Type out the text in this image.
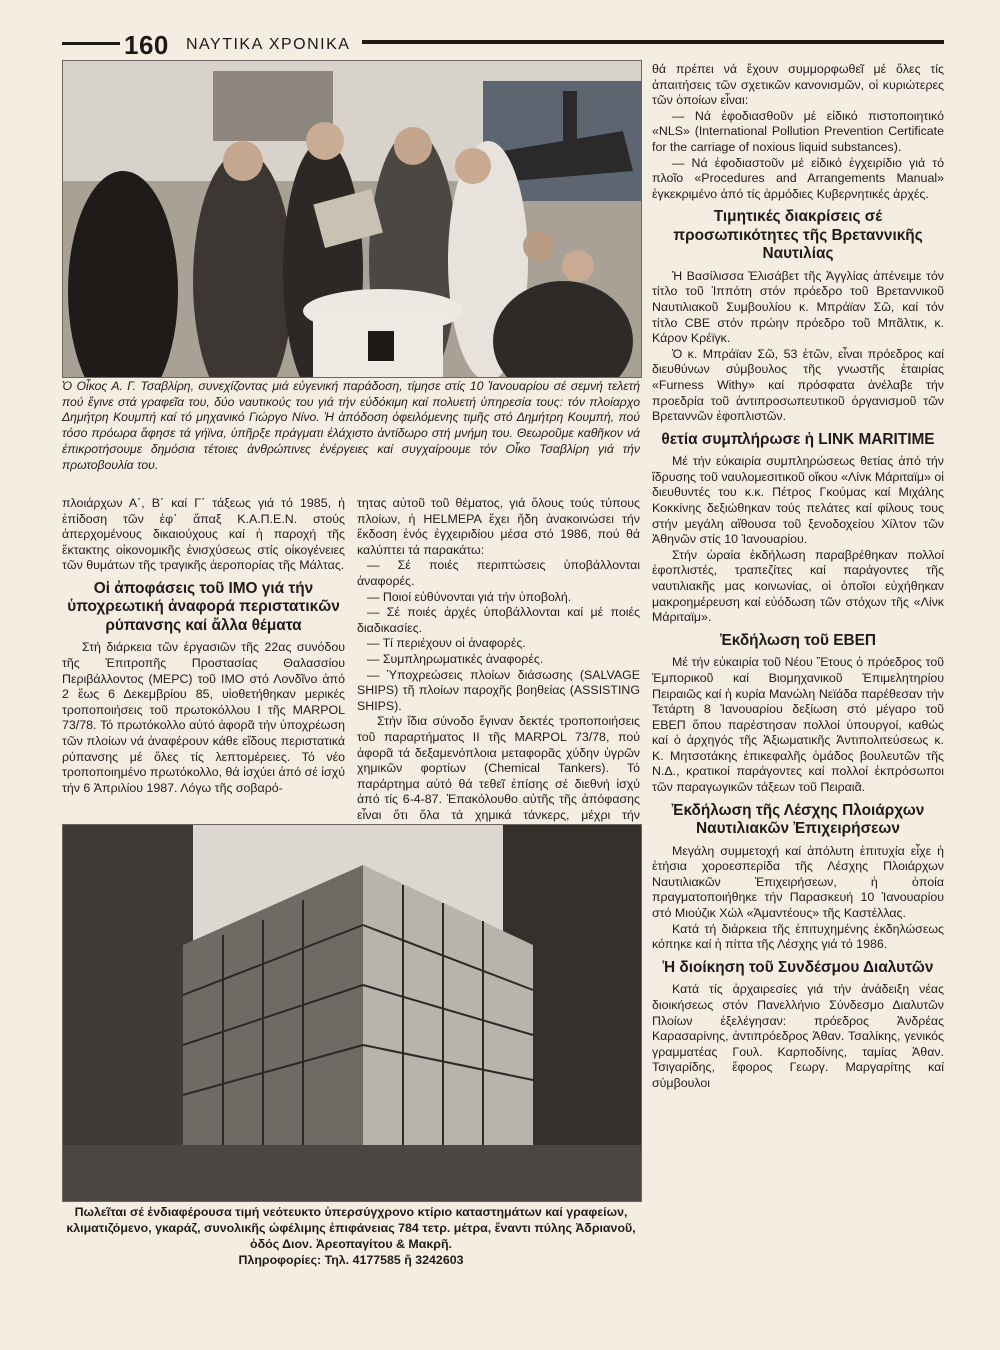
160 ΝΑΥΤΙΚΑ ΧΡΟΝΙΚΑ
Ὁ Οἶκος Α. Γ. Τσαβλίρη, συνεχίζοντας μιά εὐγενική παράδοση, τίμησε στίς 10 Ἰανουαρίου σέ σεμνή τελετή πού ἔγινε στά γραφεῖα του, δύο ναυτικούς του γιά τήν εὐδόκιμη καί πολυετή ὑπηρεσία τους: τόν πλοίαρχο Δημήτρη Κουμπή καί τό μηχανικό Γιώργο Νίνο. Ἡ ἀπόδοση ὀφειλόμενης τιμῆς στό Δημήτρη Κουμπή, πού τόσο πρόωρα ἄφησε τά γήϊνα, ὑπῆρξε πράγματι ἐλάχιστο ἀντίδωρο στή μνήμη του. Θεωροῦμε καθῆκον νά ἐπικροτήσουμε δημόσια τέτοιες ἀνθρώπινες ἐνέργειες καί συγχαίρουμε τόν Οἶκο Τσαβλίρη γιά τήν πρωτοβουλία του.

πλοιάρχων Α΄, Β΄ καί Γ΄ τάξεως γιά τό 1985, ἡ ἐπίδοση τῶν ἐφ᾿ ἅπαξ Κ.Α.Π.Ε.Ν. στούς ἀπερχομένους δικαιούχους καί ἡ παροχή τῆς ἔκτακτης οἰκονομικῆς ἐνισχύσεως στίς οἰκογένειες τῶν θυμάτων τῆς τραγικῆς ἀεροπορίας τῆς Μάλτας.

Οἱ ἀποφάσεις τοῦ ΙΜΟ γιά τήν ὑποχρεωτική ἀναφορά περιστατικῶν ρύπανσης καί ἄλλα θέματα

Στή διάρκεια τῶν ἐργασιῶν τῆς 22ας συνόδου τῆς Ἐπιτροπῆς Προστασίας Θαλασσίου Περιβάλλοντος (MEPC) τοῦ ΙΜΟ στό Λονδῖνο ἀπό 2 ἕως 6 Δεκεμβρίου 85, υἱοθετήθηκαν μερικές τροποποιήσεις τοῦ πρωτοκόλλου I τῆς MARPOL 73/78. Τό πρωτόκολλο αὐτό ἀφορᾶ τήν ὑποχρέωση τῶν πλοίων νά ἀναφέρουν κάθε εἴδους περιστατικά ρύπανσης μέ ὅλες τίς λεπτομέρειες. Τό νέο τροποποιημένο πρωτόκολλο, θά ἰσχύει ἀπό σέ ἰσχύ τήν 6 Ἀπριλίου 1987. Λόγω τῆς σοβαρό-

τητας αὐτοῦ τοῦ θέματος, γιά ὅλους τούς τύπους πλοίων, ἡ HELMEPA ἔχει ἤδη ἀνακοινώσει τήν ἔκδοση ἑνός ἐγχειριδίου μέσα στό 1986, πού θά καλύπτει τά παρακάτω:

— Σέ ποιές περιπτώσεις ὑποβάλλονται ἀναφορές.

— Ποιοί εὐθύνονται γιά τήν ὑποβολή.

— Σέ ποιές ἀρχές ὑποβάλλονται καί μέ ποιές διαδικασίες.

— Τί περιέχουν οἱ ἀναφορές.

— Συμπληρωματικές ἀναφορές.

— Ὑποχρεώσεις πλοίων διάσωσης (SALVAGE SHIPS) τῆ πλοίων παροχῆς βοηθείας (ASSISTING SHIPS).

Στήν ἴδια σύνοδο ἔγιναν δεκτές τροποποιήσεις τοῦ παραρτήματος II τῆς MARPOL 73/78, πού ἀφορᾶ τά δεξαμενόπλοια μεταφορᾶς χύδην ὑγρῶν χημικῶν φορτίων (Chemical Tankers). Τό παράρτημα αὐτό θά τεθεῖ ἐπίσης σέ διεθνή ἰσχύ ἀπό τίς 6-4-87. Ἐπακόλουθο αὐτῆς τῆς ἀπόφασης εἶναι ὅτι ὅλα τά χημικά τάνκερς, μέχρι τήν

θά πρέπει νά ἔχουν συμμορφωθεῖ μέ ὅλες τίς ἀπαιτήσεις τῶν σχετικῶν κανονισμῶν, οἱ κυριώτερες τῶν ὁποίων εἶναι:

— Νά ἐφοδιασθοῦν μέ εἰδικό πιστοποιητικό «NLS» (International Pollution Prevention Certificate for the carriage of noxious liquid substances).

— Νά ἐφοδιαστοῦν μέ εἰδικό ἐγχειρίδιο γιά τό πλοῖο «Procedures and Arrangements Manual» ἐγκεκριμένο ἀπό τίς ἁρμόδιες Κυβερνητικές ἀρχές.

Τιμητικές διακρίσεις σέ προσωπικότητες τῆς Βρεταννικῆς Ναυτιλίας

Ἡ Βασίλισσα Ἐλισάβετ τῆς Ἀγγλίας ἀπένειμε τόν τίτλο τοῦ Ἱππότη στόν πρόεδρο τοῦ Βρεταννικοῦ Ναυτιλιακοῦ Συμβουλίου κ. Μπράϊαν Σῶ, καί τόν τίτλο CBE στόν πρώην πρόεδρο τοῦ Μπᾶλτικ, κ. Κάρον Κρέϊγκ.

Ὁ κ. Μπράϊαν Σῶ, 53 ἐτῶν, εἶναι πρόεδρος καί διευθύνων σύμβουλος τῆς γνωστῆς ἑταιρίας «Furness Withy» καί πρόσφατα ἀνέλαβε τήν προεδρία τοῦ ἀντιπροσωπευτικοῦ ὀργανισμοῦ τῶν Βρεταννῶν ἐφοπλιστῶν.

θετία συμπλήρωσε ἡ LINK MARITIME

Μέ τήν εὐκαιρία συμπληρώσεως θετίας ἀπό τήν ἵδρυσης τοῦ ναυλομεσιτικοῦ οἴκου «Λίνκ Μάριταϊμ» οἱ διευθυντές του κ.κ. Πέτρος Γκούμας καί Μιχάλης Κοκκίνης δεξιώθηκαν τούς πελάτες καί φίλους τους στήν μεγάλη αἴθουσα τοῦ ξενοδοχείου Χίλτον τῶν Ἀθηνῶν στίς 10 Ἰανουαρίου.

Στήν ὡραία ἐκδήλωση παραβρέθηκαν πολλοί ἐφοπλιστές, τραπεζίτες καί παράγοντες τῆς ναυτιλιακῆς μας κοινωνίας, οἱ ὁποῖοι εὐχήθηκαν μακροημέρευση καί εὐόδωση τῶν στόχων τῆς «Λίνκ Μάριταϊμ».

Ἐκδήλωση τοῦ ΕΒΕΠ

Μέ τήν εὐκαιρία τοῦ Νέου Ἔτους ὁ πρόεδρος τοῦ Ἐμπορικοῦ καί Βιομηχανικοῦ Ἐπιμελητηρίου Πειραιῶς καί ἡ κυρία Μανώλη Νεϊάδα παρέθεσαν τήν Τετάρτη 8 Ἰανουαρίου δεξίωση στό μέγαρο τοῦ ΕΒΕΠ ὅπου παρέστησαν πολλοί ὑπουργοί, καθώς καί ὁ ἀρχηγός τῆς Ἀξιωματικῆς Ἀντιπολιτεύσεως κ. Κ. Μητσοτάκης ἐπικεφαλῆς ὁμάδος βουλευτῶν τῆς Ν.Δ., κρατικοί παράγοντες καί πολλοί ἐκπρόσωποι τῶν παραγωγικῶν τάξεων τοῦ Πειραιᾶ.

Ἐκδήλωση τῆς Λέσχης Πλοιάρχων Ναυτιλιακῶν Ἐπιχειρήσεων

Μεγάλη συμμετοχή καί ἀπόλυτη ἐπιτυχία εἶχε ἡ ἐτήσια χοροεσπερίδα τῆς Λέσχης Πλοιάρχων Ναυτιλιακῶν Ἐπιχειρήσεων, ἡ ὁποία πραγματοποιήθηκε τήν Παρασκευή 10 Ἰανουαρίου στό Μιούζικ Χώλ «Ἀμαντέους» τῆς Καστέλλας.

Κατά τή διάρκεια τῆς ἐπιτυχημένης ἐκδηλώσεως κόπηκε καί ἡ πίττα τῆς Λέσχης γιά τό 1986.

Ἡ διοίκηση τοῦ Συνδέσμου Διαλυτῶν

Κατά τίς ἀρχαιρεσίες γιά τήν ἀνάδειξη νέας διοικήσεως στόν Πανελλήνιο Σύνδεσμο Διαλυτῶν Πλοίων ἐξελέγησαν: πρόεδρος Ἀνδρέας Καρασαρίνης, ἀντιπρόεδρος Ἀθαν. Τσαλίκης, γενικός γραμματέας Γουλ. Καρποδίνης, ταμίας Ἀθαν. Τσιγαρίδης, ἔφορος Γεωργ. Μαργαρίτης καί σύμβουλοι

Πωλεῖται σέ ἐνδιαφέρουσα τιμή νεότευκτο ὑπερσύγχρονο κτίριο καταστημάτων καί γραφείων, κλιματιζόμενο, γκαράζ, συνολικῆς ὠφέλιμης ἐπιφάνειας 784 τετρ. μέτρα, ἔναντι πύλης Ἀδριανοῦ, ὁδός Διον. Ἀρεοπαγίτου & Μακρῆ.
Πληροφορίες: Τηλ. 4177585 ἤ 3242603
